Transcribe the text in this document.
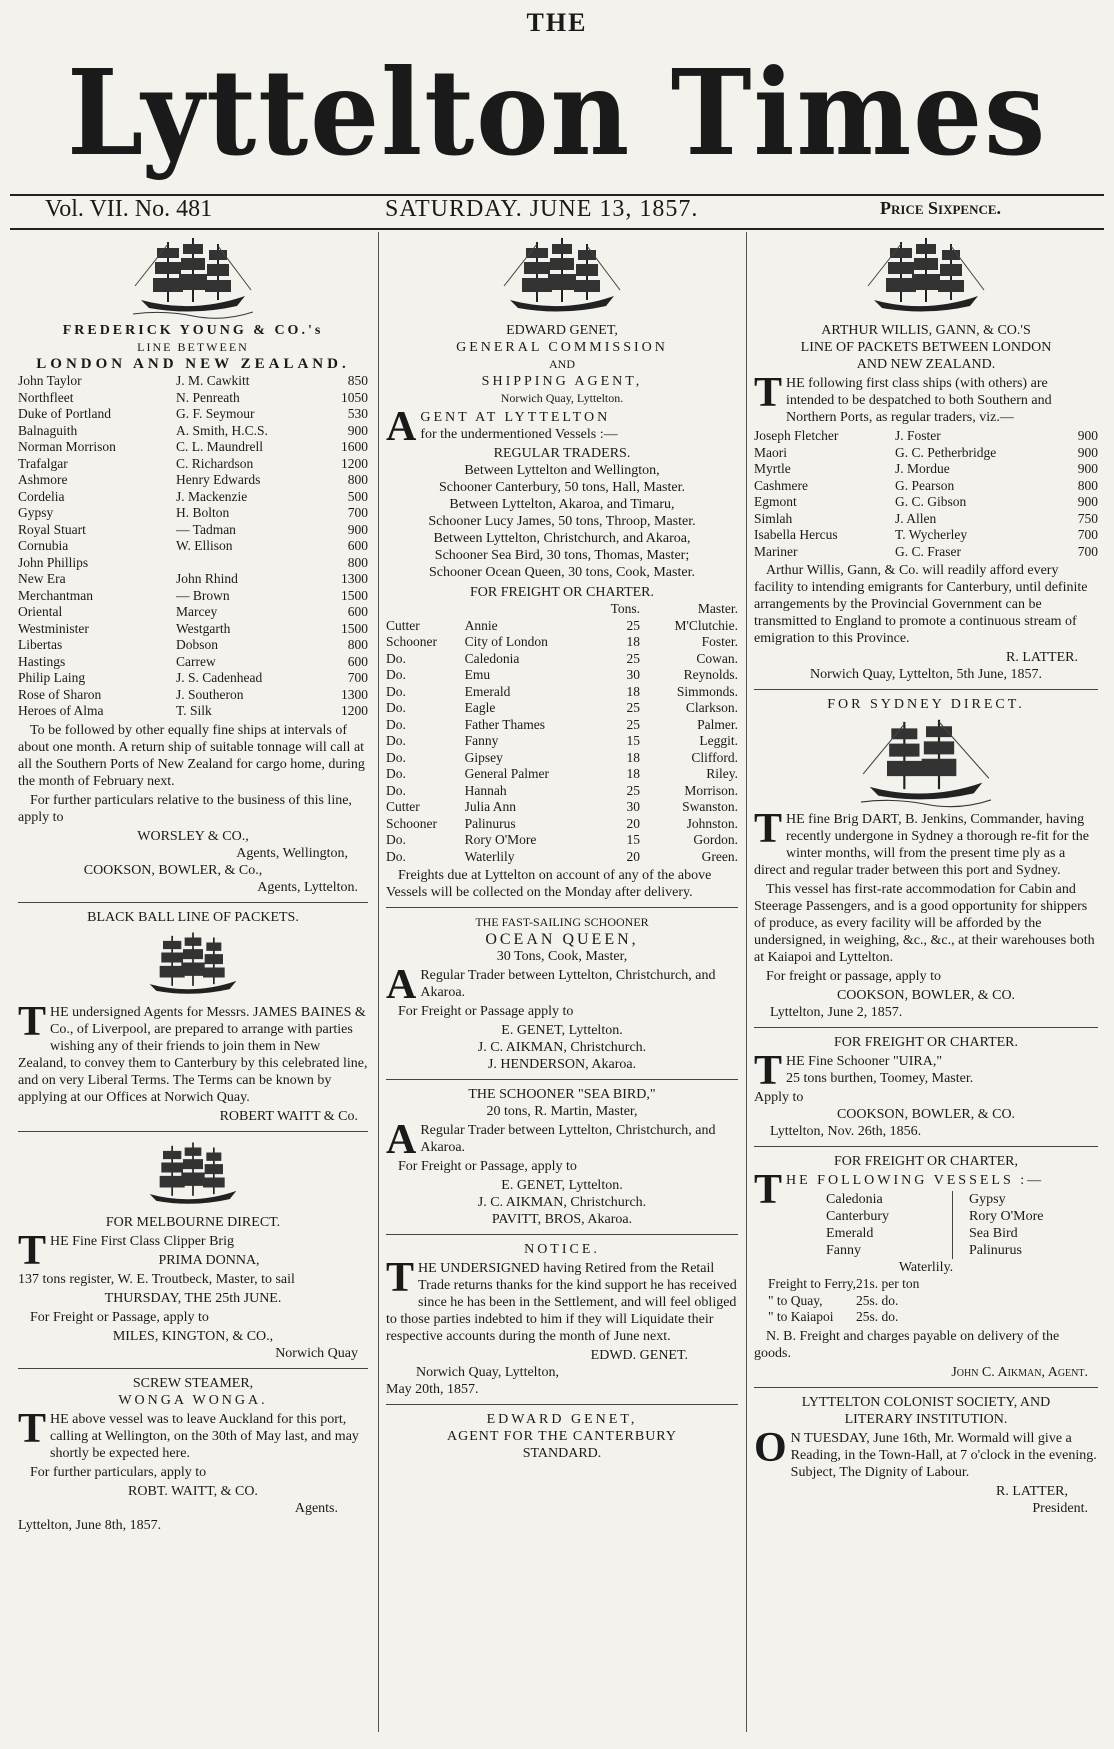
THE
Lyttelton Times
Vol. VII. No. 481	SATURDAY. JUNE 13, 1857.	Price Sixpence.
FREDERICK YOUNG & CO.'s
LINE BETWEEN
LONDON AND NEW ZEALAND.
John Taylor	J. M. Cawkitt	850
Northfleet	N. Penreath	1050
Duke of Portland	G. F. Seymour	530
Balnaguith	A. Smith, H.C.S.	900
Norman Morrison	C. L. Maundrell	1600
Trafalgar	C. Richardson	1200
Ashmore	Henry Edwards	800
Cordelia	J. Mackenzie	500
Gypsy	H. Bolton	700
Royal Stuart	— Tadman	900
Cornubia	W. Ellison	600
John Phillips		800
New Era	John Rhind	1300
Merchantman	— Brown	1500
Oriental	Marcey	600
Westminister	Westgarth	1500
Libertas	Dobson	800
Hastings	Carrew	600
Philip Laing	J. S. Cadenhead	700
Rose of Sharon	J. Southeron	1300
Heroes of Alma	T. Silk	1200

To be followed by other equally fine ships at intervals of about one month. A return ship of suitable tonnage will call at all the Southern Ports of New Zealand for cargo home, during the month of February next.

For further particulars relative to the business of this line, apply to

WORSLEY & CO.,
Agents, Wellington,
COOKSON, BOWLER, & Co.,
Agents, Lyttelton.
BLACK BALL LINE OF PACKETS.

THE undersigned Agents for Messrs. JAMES BAINES & Co., of Liverpool, are prepared to arrange with parties wishing any of their friends to join them in New Zealand, to convey them to Canterbury by this celebrated line, and on very Liberal Terms. The Terms can be known by applying at our Offices at Norwich Quay.

ROBERT WAITT & Co.
FOR MELBOURNE DIRECT.

THE Fine First Class Clipper Brig

PRIMA DONNA,

137 tons register, W. E. Troutbeck, Master, to sail

THURSDAY, THE 25th JUNE.

For Freight or Passage, apply to

MILES, KINGTON, & CO.,
Norwich Quay
SCREW STEAMER,
WONGA WONGA.

THE above vessel was to leave Auckland for this port, calling at Wellington, on the 30th of May last, and may shortly be expected here.

For further particulars, apply to

ROBT. WAITT, & CO.
Agents.
Lyttelton, June 8th, 1857.
EDWARD GENET,
GENERAL COMMISSION
AND
SHIPPING AGENT,
Norwich Quay, Lyttelton.

AGENT AT LYTTELTON
for the undermentioned Vessels :—

REGULAR TRADERS.
Between Lyttelton and Wellington,
Schooner Canterbury, 50 tons, Hall, Master.
Between Lyttelton, Akaroa, and Timaru,
Schooner Lucy James, 50 tons, Throop, Master.
Between Lyttelton, Christchurch, and Akaroa,
Schooner Sea Bird, 30 tons, Thomas, Master;
Schooner Ocean Queen, 30 tons, Cook, Master.
FOR FREIGHT OR CHARTER.
		Tons.	Master.
Cutter	Annie	25	M'Clutchie.
Schooner	City of London	18	Foster.
Do.	Caledonia	25	Cowan.
Do.	Emu	30	Reynolds.
Do.	Emerald	18	Simmonds.
Do.	Eagle	25	Clarkson.
Do.	Father Thames	25	Palmer.
Do.	Fanny	15	Leggit.
Do.	Gipsey	18	Clifford.
Do.	General Palmer	18	Riley.
Do.	Hannah	25	Morrison.
Cutter	Julia Ann	30	Swanston.
Schooner	Palinurus	20	Johnston.
Do.	Rory O'More	15	Gordon.
Do.	Waterlily	20	Green.

Freights due at Lyttelton on account of any of the above Vessels will be collected on the Monday after delivery.

THE FAST-SAILING SCHOONER
OCEAN QUEEN,
30 Tons, Cook, Master,

A Regular Trader between Lyttelton, Christchurch, and Akaroa.

For Freight or Passage apply to

E. GENET, Lyttelton.
J. C. AIKMAN, Christchurch.
J. HENDERSON, Akaroa.
THE SCHOONER "SEA BIRD,"
20 tons, R. Martin, Master,

A Regular Trader between Lyttelton, Christchurch, and Akaroa.

For Freight or Passage, apply to

E. GENET, Lyttelton.
J. C. AIKMAN, Christchurch.
PAVITT, BROS, Akaroa.
NOTICE.

THE UNDERSIGNED having Retired from the Retail Trade returns thanks for the kind support he has received since he has been in the Settlement, and will feel obliged to those parties indebted to him if they will Liquidate their respective accounts during the month of June next.

EDWD. GENET.
Norwich Quay, Lyttelton,
May 20th, 1857.
EDWARD GENET,
AGENT FOR THE CANTERBURY
STANDARD.
ARTHUR WILLIS, GANN, & CO.'S
LINE OF PACKETS BETWEEN LONDON
AND NEW ZEALAND.

THE following first class ships (with others) are intended to be despatched to both Southern and Northern Ports, as regular traders, viz.—

Joseph Fletcher	J. Foster	900
Maori	G. C. Petherbridge	900
Myrtle	J. Mordue	900
Cashmere	G. Pearson	800
Egmont	G. C. Gibson	900
Simlah	J. Allen	750
Isabella Hercus	T. Wycherley	700
Mariner	G. C. Fraser	700

Arthur Willis, Gann, & Co. will readily afford every facility to intending emigrants for Canterbury, until definite arrangements by the Provincial Government can be transmitted to England to promote a continuous stream of emigration to this Province.

R. LATTER.
Norwich Quay, Lyttelton, 5th June, 1857.
FOR SYDNEY DIRECT.

THE fine Brig DART, B. Jenkins, Commander, having recently undergone in Sydney a thorough re-fit for the winter months, will from the present time ply as a direct and regular trader between this port and Sydney.

This vessel has first-rate accommodation for Cabin and Steerage Passengers, and is a good opportunity for shippers of produce, as every facility will be afforded by the undersigned, in weighing, &c., &c., at their warehouses both at Kaiapoi and Lyttelton.

For freight or passage, apply to

COOKSON, BOWLER, & CO.
Lyttelton, June 2, 1857.
FOR FREIGHT OR CHARTER.

THE Fine Schooner "UIRA,"
25 tons burthen, Toomey, Master.

Apply to
COOKSON, BOWLER, & CO.
Lyttelton, Nov. 26th, 1856.
FOR FREIGHT OR CHARTER,

THE FOLLOWING VESSELS :—

Caledonia
Canterbury
Emerald
Fanny
Gypsy
Rory O'More
Sea Bird
Palinurus
Waterlily.
Freight to Ferry,	21s. per ton
" to Quay,	25s. do.
" to Kaiapoi	25s. do.

N. B. Freight and charges payable on delivery of the goods.

John C. Aikman, Agent.
LYTTELTON COLONIST SOCIETY, AND
LITERARY INSTITUTION.

O N TUESDAY, June 16th, Mr. Wormald will give a Reading, in the Town-Hall, at 7 o'clock in the evening. Subject, The Dignity of Labour.

R. LATTER,
President.
